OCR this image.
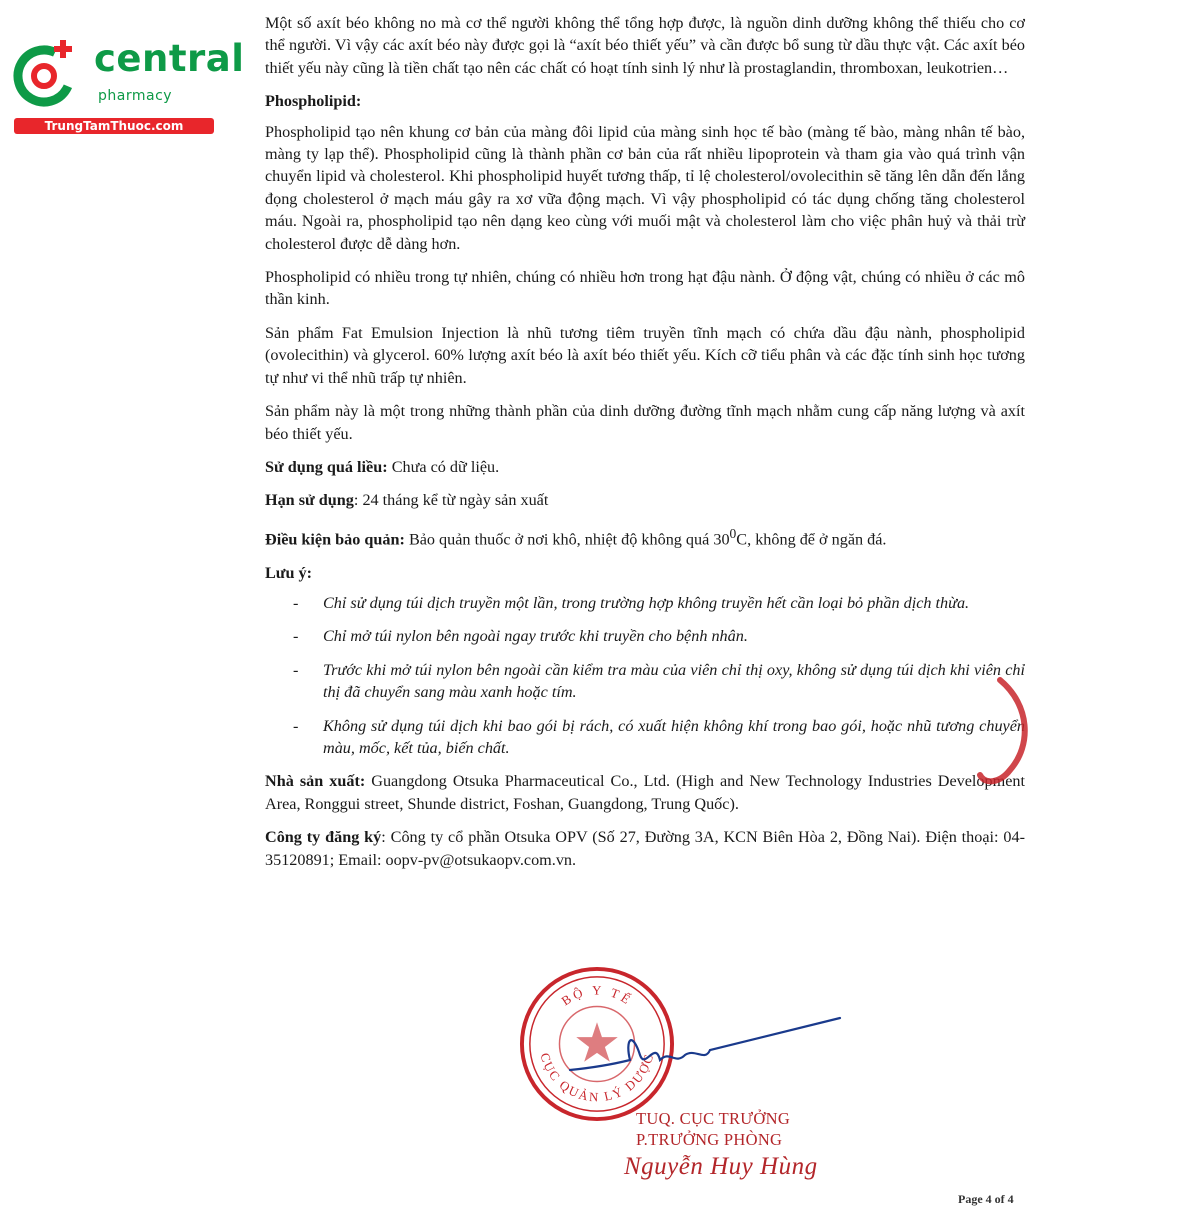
central
pharmacy
TrungTamThuoc.com

Một số axít béo không no mà cơ thể người không thể tổng hợp được, là nguồn dinh dưỡng không thể thiếu cho cơ thể người. Vì vậy các axít béo này được gọi là “axít béo thiết yếu” và cần được bổ sung từ dầu thực vật. Các axít béo thiết yếu này cũng là tiền chất tạo nên các chất có hoạt tính sinh lý như là prostaglandin, thromboxan, leukotrien…

Phospholipid:

Phospholipid tạo nên khung cơ bản của màng đôi lipid của màng sinh học tế bào (màng tế bào, màng nhân tế bào, màng ty lạp thể). Phospholipid cũng là thành phần cơ bản của rất nhiều lipoprotein và tham gia vào quá trình vận chuyển lipid và cholesterol. Khi phospholipid huyết tương thấp, tỉ lệ cholesterol/ovolecithin sẽ tăng lên dẫn đến lắng đọng cholesterol ở mạch máu gây ra xơ vữa động mạch. Vì vậy phospholipid có tác dụng chống tăng cholesterol máu. Ngoài ra, phospholipid tạo nên dạng keo cùng với muối mật và cholesterol làm cho việc phân huỷ và thải trừ cholesterol được dễ dàng hơn.

Phospholipid có nhiều trong tự nhiên, chúng có nhiều hơn trong hạt đậu nành. Ở động vật, chúng có nhiều ở các mô thần kinh.

Sản phẩm Fat Emulsion Injection là nhũ tương tiêm truyền tĩnh mạch có chứa dầu đậu nành, phospholipid (ovolecithin) và glycerol. 60% lượng axít béo là axít béo thiết yếu. Kích cỡ tiểu phân và các đặc tính sinh học tương tự như vi thể nhũ trấp tự nhiên.

Sản phẩm này là một trong những thành phần của dinh dưỡng đường tĩnh mạch nhằm cung cấp năng lượng và axít béo thiết yếu.

Sử dụng quá liều: Chưa có dữ liệu.

Hạn sử dụng: 24 tháng kể từ ngày sản xuất

Điều kiện bảo quản: Bảo quản thuốc ở nơi khô, nhiệt độ không quá $30^0C$, không để ở ngăn đá.

Lưu ý:

- Chỉ sử dụng túi dịch truyền một lần, trong trường hợp không truyền hết cần loại bỏ phần dịch thừa.
- Chỉ mở túi nylon bên ngoài ngay trước khi truyền cho bệnh nhân.
- Trước khi mở túi nylon bên ngoài cần kiểm tra màu của viên chỉ thị oxy, không sử dụng túi dịch khi viên chỉ thị đã chuyển sang màu xanh hoặc tím.
- Không sử dụng túi dịch khi bao gói bị rách, có xuất hiện không khí trong bao gói, hoặc nhũ tương chuyển màu, mốc, kết tủa, biến chất.

Nhà sản xuất: Guangdong Otsuka Pharmaceutical Co., Ltd. (High and New Technology Industries Development Area, Ronggui street, Shunde district, Foshan, Guangdong, Trung Quốc).

Công ty đăng ký: Công ty cổ phần Otsuka OPV (Số 27, Đường 3A, KCN Biên Hòa 2, Đồng Nai). Điện thoại: 04-35120891; Email: oopv-pv@otsukaopv.com.vn.

BỘ Y TẾ
CỤC QUẢN LÝ DƯỢC
TUQ. CỤC TRƯỞNG
P.TRƯỞNG PHÒNG
Nguyễn Huy Hùng
Page 4 of 4
